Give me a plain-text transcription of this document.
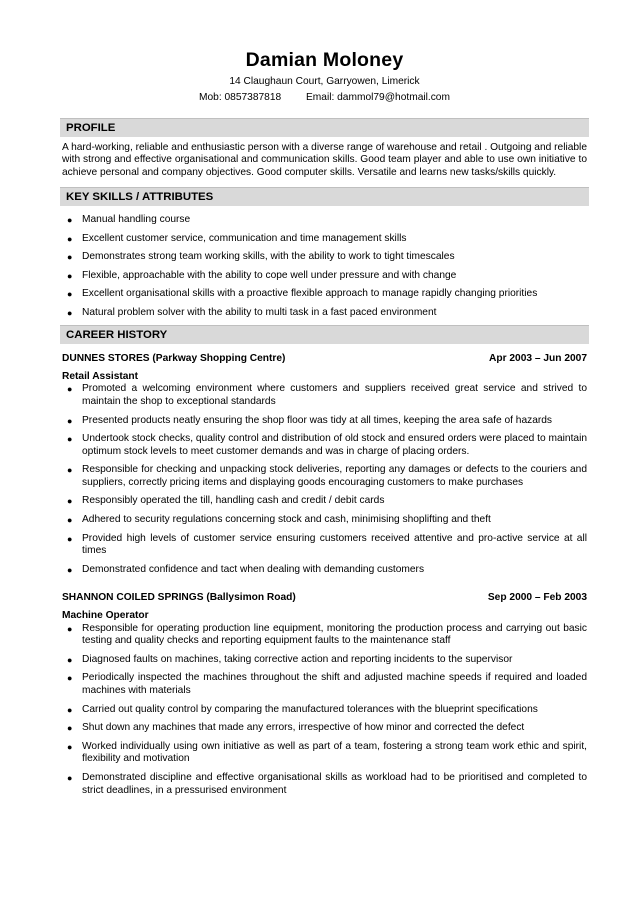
Damian Moloney
14 Claughaun Court, Garryowen, Limerick
Mob: 0857387818 Email: dammol79@hotmail.com
PROFILE
A hard-working, reliable and enthusiastic person with a diverse range of warehouse and retail . Outgoing and reliable with strong and effective organisational and communication skills. Good team player and able to use own initiative to achieve personal and company objectives. Good computer skills. Versatile and learns new tasks/skills quickly.
KEY SKILLS / ATTRIBUTES
● Manual handling course
● Excellent customer service, communication and time management skills
● Demonstrates strong team working skills, with the ability to work to tight timescales
● Flexible, approachable with the ability to cope well under pressure and with change
● Excellent organisational skills with a proactive flexible approach to manage rapidly changing priorities
● Natural problem solver with the ability to multi task in a fast paced environment
CAREER HISTORY
DUNNES STORES (Parkway Shopping Centre)	Apr 2003 – Jun 2007
Retail Assistant
● Promoted a welcoming environment where customers and suppliers received great service and strived to maintain the shop to exceptional standards
● Presented products neatly ensuring the shop floor was tidy at all times, keeping the area safe of hazards
● Undertook stock checks, quality control and distribution of old stock and ensured orders were placed to maintain optimum stock levels to meet customer demands and was in charge of placing orders.
● Responsible for checking and unpacking stock deliveries, reporting any damages or defects to the couriers and suppliers, correctly pricing items and displaying goods encouraging customers to make purchases
● Responsibly operated the till, handling cash and credit / debit cards
● Adhered to security regulations concerning stock and cash, minimising shoplifting and theft
● Provided high levels of customer service ensuring customers received attentive and pro-active service at all times
● Demonstrated confidence and tact when dealing with demanding customers
SHANNON COILED SPRINGS (Ballysimon Road)	Sep 2000 – Feb 2003
Machine Operator
● Responsible for operating production line equipment, monitoring the production process and carrying out basic testing and quality checks and reporting equipment faults to the maintenance staff
● Diagnosed faults on machines, taking corrective action and reporting incidents to the supervisor
● Periodically inspected the machines throughout the shift and adjusted machine speeds if required and loaded machines with materials
● Carried out quality control by comparing the manufactured tolerances with the blueprint specifications
● Shut down any machines that made any errors, irrespective of how minor and corrected the defect
● Worked individually using own initiative as well as part of a team, fostering a strong team work ethic and spirit, flexibility and motivation
● Demonstrated discipline and effective organisational skills as workload had to be prioritised and completed to strict deadlines, in a pressurised environment
